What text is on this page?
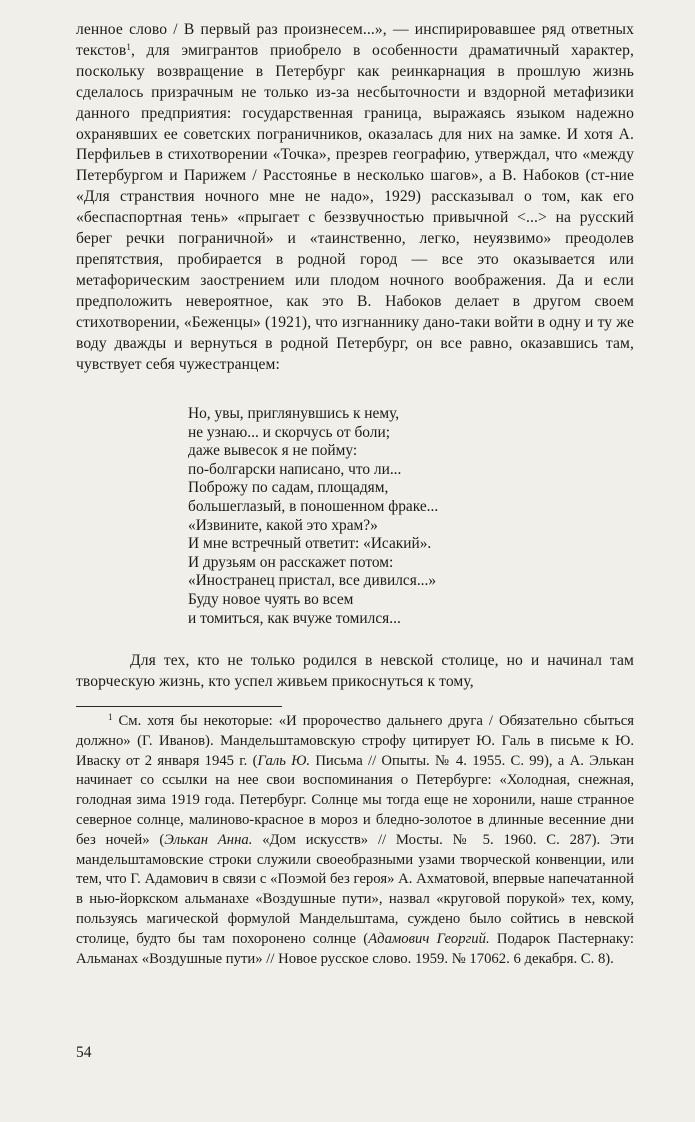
ленное слово / В первый раз произнесем...», — инспирировавшее ряд ответных текстов$^1$, для эмигрантов приобрело в особенности драматичный характер, поскольку возвращение в Петербург как реинкарнация в прошлую жизнь сделалось призрачным не только из-за несбыточности и вздорной метафизики данного предприятия: государственная граница, выражаясь языком надежно охранявших ее советских пограничников, оказалась для них на замке. И хотя А. Перфильев в стихотворении «Точка», презрев географию, утверждал, что «между Петербургом и Парижем / Расстоянье в несколько шагов», а В. Набоков (ст-ние «Для странствия ночного мне не надо», 1929) рассказывал о том, как его «беспаспортная тень» «прыгает с беззвучностью привычной <...> на русский берег речки пограничной» и «таинственно, легко, неуязвимо» преодолев препятствия, пробирается в родной город — все это оказывается или метафорическим заострением или плодом ночного воображения. Да и если предположить невероятное, как это В. Набоков делает в другом своем стихотворении, «Беженцы» (1921), что изгнаннику дано-таки войти в одну и ту же воду дважды и вернуться в родной Петербург, он все равно, оказавшись там, чувствует себя чужестранцем:

Но, увы, приглянувшись к нему,
не узнаю... и скорчусь от боли;
даже вывесок я не пойму:
по-болгарски написано, что ли...
Поброжу по садам, площадям,
большеглазый, в поношенном фраке...
«Извините, какой это храм?»
И мне встречный ответит: «Исакий».
И друзьям он расскажет потом:
«Иностранец пристал, все дивился...»
Буду новое чуять во всем
и томиться, как вчуже томился...

Для тех, кто не только родился в невской столице, но и начинал там творческую жизнь, кто успел живьем прикоснуться к тому,

$^1$ См. хотя бы некоторые: «И пророчество дальнего друга / Обязательно сбыться должно» (Г. Иванов). Мандельштамовскую строфу цитирует Ю. Галь в письме к Ю. Иваску от 2 января 1945 г. (Галь Ю. Письма // Опыты. № 4. 1955. С. 99), а А. Элькан начинает со ссылки на нее свои воспоминания о Петербурге: «Холодная, снежная, голодная зима 1919 года. Петербург. Солнце мы тогда еще не хоронили, наше странное северное солнце, малиново-красное в мороз и бледно-золотое в длинные весенние дни без ночей» (Элькан Анна. «Дом искусств» // Мосты. № 5. 1960. С. 287). Эти мандельштамовские строки служили своеобразными узами творческой конвенции, или тем, что Г. Адамович в связи с «Поэмой без героя» А. Ахматовой, впервые напечатанной в нью-йоркском альманахе «Воздушные пути», назвал «круговой порукой» тех, кому, пользуясь магической формулой Мандельштама, суждено было сойтись в невской столице, будто бы там похоронено солнце (Адамович Георгий. Подарок Пастернаку: Альманах «Воздушные пути» // Новое русское слово. 1959. № 17062. 6 декабря. С. 8).

54
